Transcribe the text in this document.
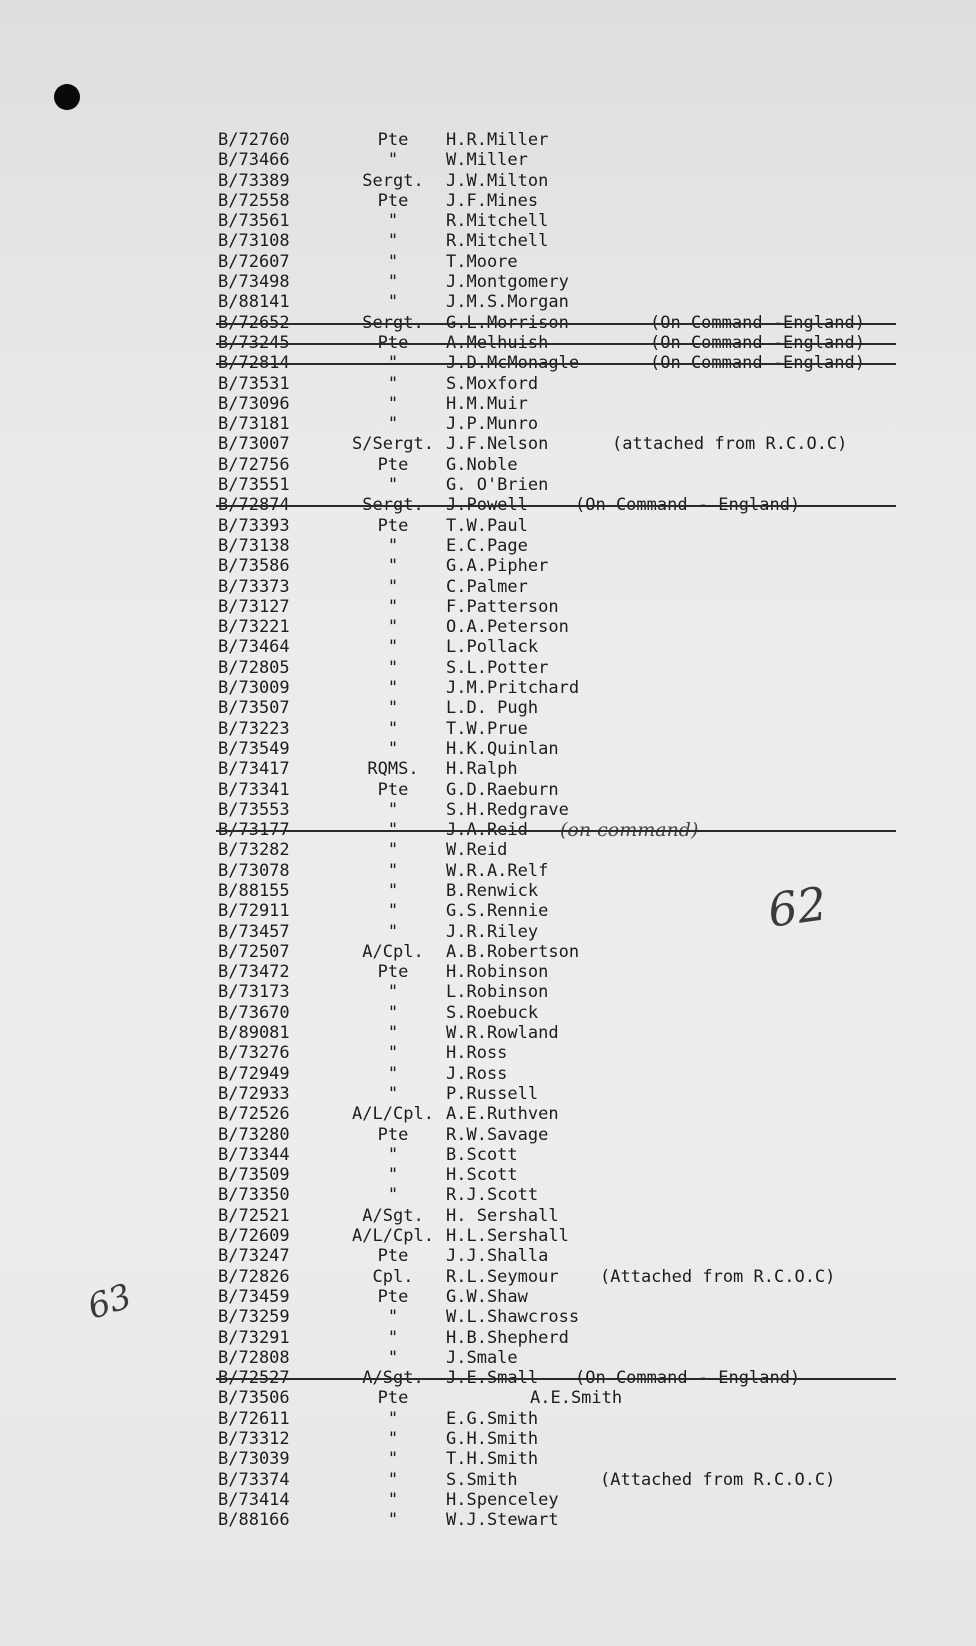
B/72760	Pte	H.R.Miller
B/73466	"	W.Miller
B/73389	Sergt.	J.W.Milton
B/72558	Pte	J.F.Mines
B/73561	"	R.Mitchell
B/73108	"	R.Mitchell
B/72607	"	T.Moore
B/73498	"	J.Montgomery
B/88141	"	J.M.S.Morgan
B/72652	Sergt.	G.L.Morrison	(On Command -England)
B/73245	Pte	A.Melhuish	(On Command -England)
B/72814	"	J.D.McMonagle	(On Command -England)
B/73531	"	S.Moxford
B/73096	"	H.M.Muir
B/73181	"	J.P.Munro
B/73007	S/Sergt. J.F.Nelson	(attached from R.C.O.C)
B/72756	Pte	G.Noble
B/73551	"	G. O'Brien
B/72874	Sergt.	J.Powell	(On Command - England)
B/73393	Pte	T.W.Paul
B/73138	"	E.C.Page
B/73586	"	G.A.Pipher
B/73373	"	C.Palmer
B/73127	"	F.Patterson
B/73221	"	O.A.Peterson
B/73464	"	L.Pollack
B/72805	"	S.L.Potter
B/73009	"	J.M.Pritchard
B/73507	"	L.D. Pugh
B/73223	"	T.W.Prue
B/73549	"	H.K.Quinlan
B/73417	RQMS.	H.Ralph
B/73341	Pte	G.D.Raeburn
B/73553	"	S.H.Redgrave
B/73177	"	J.A.Reid (on command)
B/73282	"	W.Reid
B/73078	"	W.R.A.Relf
B/88155	"	B.Renwick
B/72911	"	G.S.Rennie
B/73457	"	J.R.Riley
B/72507	A/Cpl.	A.B.Robertson
B/73472	Pte	H.Robinson
B/73173	"	L.Robinson
B/73670	"	S.Roebuck
B/89081	"	W.R.Rowland
B/73276	"	H.Ross
B/72949	"	J.Ross
B/72933	"	P.Russell
B/72526	A/L/Cpl. A.E.Ruthven
B/73280	Pte	R.W.Savage
B/73344	"	B.Scott
B/73509	"	H.Scott
B/73350	"	R.J.Scott
B/72521	A/Sgt.	H. Sershall
B/72609	A/L/Cpl. H.L.Sershall
B/73247	Pte	J.J.Shalla
B/72826	Cpl.	R.L.Seymour (Attached from R.C.O.C)
B/73459	Pte	G.W.Shaw
B/73259	"	W.L.Shawcross
B/73291	"	H.B.Shepherd
B/72808	"	J.Smale
B/72527	A/Sgt.	J.E.Small (On Command - England)
B/73506	Pte	A.E.Smith
B/72611	"	E.G.Smith
B/73312	"	G.H.Smith
B/73039	"	T.H.Smith
B/73374	"	S.Smith	(Attached from R.C.O.C)
B/73414	"	H.Spenceley
B/88166	"	W.J.Stewart
62
63
